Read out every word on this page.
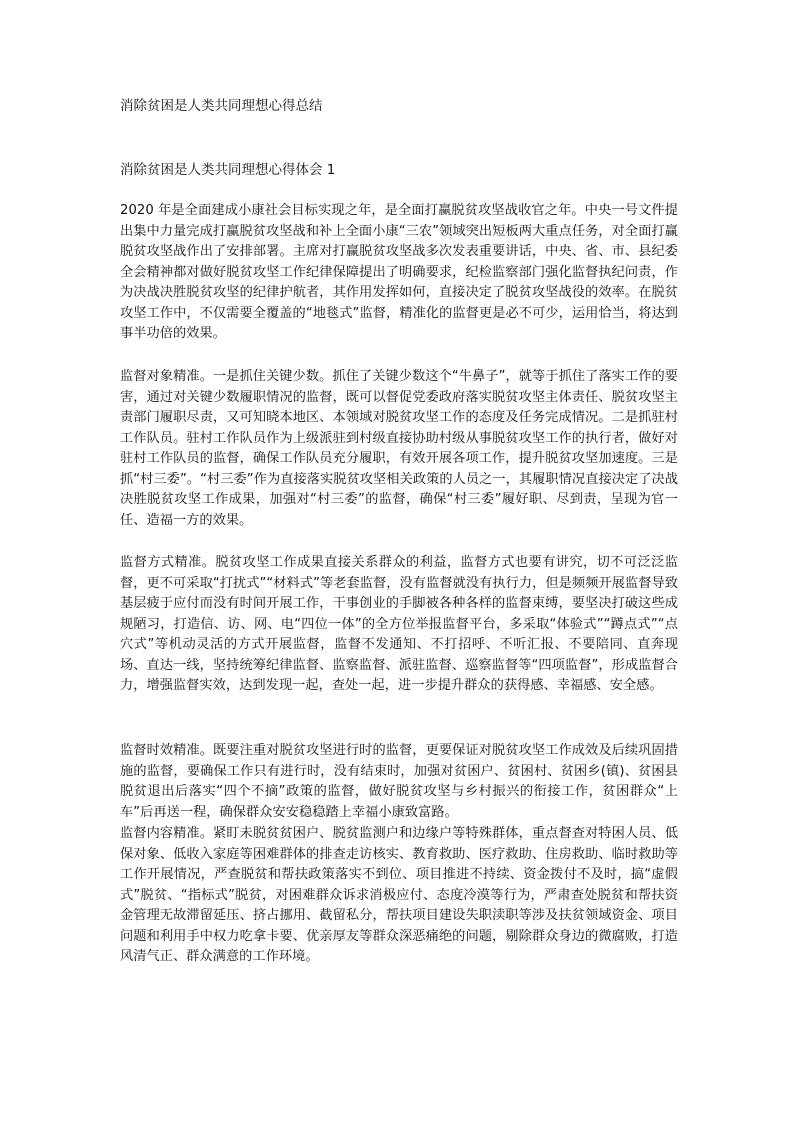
消除贫困是人类共同理想心得总结
消除贫困是人类共同理想心得体会 1

2020 年是全面建成小康社会目标实现之年，是全面打赢脱贫攻坚战收官之年。中央一号文件提出集中力量完成打赢脱贫攻坚战和补上全面小康“三农”领域突出短板两大重点任务，对全面打赢脱贫攻坚战作出了安排部署。主席对打赢脱贫攻坚战多次发表重要讲话，中央、省、市、县纪委全会精神都对做好脱贫攻坚工作纪律保障提出了明确要求，纪检监察部门强化监督执纪问责，作为决战决胜脱贫攻坚的纪律护航者，其作用发挥如何，直接决定了脱贫攻坚战役的效率。在脱贫攻坚工作中，不仅需要全覆盖的“地毯式”监督，精准化的监督更是必不可少，运用恰当，将达到事半功倍的效果。

监督对象精准。一是抓住关键少数。抓住了关键少数这个“牛鼻子”，就等于抓住了落实工作的要害，通过对关键少数履职情况的监督，既可以督促党委政府落实脱贫攻坚主体责任、脱贫攻坚主责部门履职尽责，又可知晓本地区、本领域对脱贫攻坚工作的态度及任务完成情况。二是抓驻村工作队员。驻村工作队员作为上级派驻到村级直接协助村级从事脱贫攻坚工作的执行者，做好对驻村工作队员的监督，确保工作队员充分履职，有效开展各项工作，提升脱贫攻坚加速度。三是抓“村三委”。“村三委”作为直接落实脱贫攻坚相关政策的人员之一，其履职情况直接决定了决战决胜脱贫攻坚工作成果，加强对“村三委”的监督，确保“村三委”履好职、尽到责，呈现为官一任、造福一方的效果。

监督方式精准。脱贫攻坚工作成果直接关系群众的利益，监督方式也要有讲究，切不可泛泛监督，更不可采取“打扰式”“材料式”等老套监督，没有监督就没有执行力，但是频频开展监督导致基层疲于应付而没有时间开展工作，干事创业的手脚被各种各样的监督束缚，要坚决打破这些成规陋习，打造信、访、网、电“四位一体”的全方位举报监督平台，多采取“体验式”“蹲点式”“点穴式”等机动灵活的方式开展监督，监督不发通知、不打招呼、不听汇报、不要陪同、直奔现场、直达一线，坚持统筹纪律监督、监察监督、派驻监督、巡察监督等“四项监督”，形成监督合力，增强监督实效，达到发现一起，查处一起，进一步提升群众的获得感、幸福感、安全感。

监督时效精准。既要注重对脱贫攻坚进行时的监督，更要保证对脱贫攻坚工作成效及后续巩固措施的监督，要确保工作只有进行时，没有结束时，加强对贫困户、贫困村、贫困乡(镇)、贫困县脱贫退出后落实“四个不摘”政策的监督，做好脱贫攻坚与乡村振兴的衔接工作，贫困群众“上车”后再送一程，确保群众安安稳稳踏上幸福小康致富路。

监督内容精准。紧盯未脱贫贫困户、脱贫监测户和边缘户等特殊群体，重点督查对特困人员、低保对象、低收入家庭等困难群体的排查走访核实、教育救助、医疗救助、住房救助、临时救助等工作开展情况，严查脱贫和帮扶政策落实不到位、项目推进不持续、资金拨付不及时，搞“虚假式”脱贫、“指标式”脱贫，对困难群众诉求消极应付、态度冷漠等行为，严肃查处脱贫和帮扶资金管理无故滞留延压、挤占挪用、截留私分，帮扶项目建设失职渎职等涉及扶贫领域资金、项目问题和利用手中权力吃拿卡要、优亲厚友等群众深恶痛绝的问题，剔除群众身边的微腐败，打造风清气正、群众满意的工作环境。
